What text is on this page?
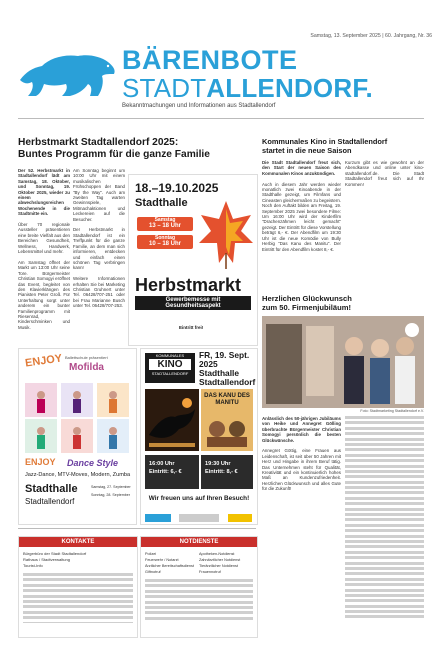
Samstag, 13. September 2025 | 60. Jahrgang, Nr. 36
BÄRENBOTE
STADTALLENDORF.
Bekanntmachungen und Informationen aus Stadtallendorf
Herbstmarkt Stadtallendorf 2025:
Buntes Programm für die ganze Familie
Der 52. Herbstmarkt in Stadtallendorf lädt am Samstag, 18. Oktober, und Sonntag, 19. Oktober 2025, wieder zu einem abwechslungsreichen Wochenende in die Stadtmitte ein.

Über 70 regionale Aussteller präsentieren eine breite Vielfalt aus den Bereichen Gesundheit, Wellness, Handwerk, Lebensmittel und mehr.

Am Samstag öffnet der Markt um 13:00 Uhr seine Tore. Bürgermeister Christian Somogyi eröffnet das Event, begleitet von den Klavierklängen des Pianisten Peter Groß. Für Unterhaltung sorgt unter anderem ein bunter Familienprogramm mit Riesenrad, Kinderschminken und Musik.
Am Sonntag beginnt um 10:00 Uhr mit einem musikalischen Frühschoppen der Band "By the Way". Auch am zweiten Tag warten Gewinnspiele, Mitmachaktionen und Leckereien auf die Besucher.

Der Herbstmarkt in Stadtallendorf ist ein Treffpunkt für die ganze Familie, an dem man sich informieren, entdecken und einfach einen schönen Tag verbringen kann!

Weitere Informationen erhalten Sie bei Marketing Christian Gruhnert unter Tel. 06428/707-251 oder bei Frau Marianne Busch unter Tel. 06428/707-253.
18.–19.10.2025
Stadthalle
Samstag
13 – 18 Uhr
Sonntag
10 – 18 Uhr
Herbstmarkt
Gewerbemesse mit
Gesundheitsaspekt
Eintritt frei!
Kommunales Kino in Stadtallendorf
startet in die neue Saison
Die Stadt Stadtallendorf freut sich, den Start der neuen Saison des Kommunalen Kinos anzukündigen.

Auch in diesem Jahr werden wieder monatlich zwei Kinoabende in der Stadthalle gezeigt, um Filmfans und Cineasten gleichermaßen zu begeistern. Noch den Auftakt bilden am Freitag, 19. September 2025 zwei besondere Filme: Um 16:00 Uhr wird der Kinderfilm "Drachenzähmen leicht gemacht" gezeigt. Der Eintritt für diese Vorstellung beträgt 6,- €. Der Abendfilm um 19:30 Uhr ist die neue Komödie von Bully Herbig "Das Kanu des Manitu". Der Eintritt für den Abendfilm kostet 8,- €.
Kurzum gibt es wie gewohnt an der Abendkasse und online unter kino-stadtallendorf.de. Die Stadt Stadtallendorf freut sich auf Ihr Kommen!
Herzlichen Glückwunsch
zum 50. Firmenjubiläum!
Foto: Stadtmarketing Stadtallendorf e.V.
Anlässlich des 50-jährigen Jubiläums von Heike und Annegret Gölling überbrachte Bürgermeister Christian Somogyi persönlich die besten Glückwünsche.

Annegret Göttig, eine Frauen aus Leidenschaft, ist seit über 50 Jahren mit Herz und Hingabe in ihrem Beruf tätig. Das Unternehmen steht für Qualität, Kreativität und ein kontinuierlich hohes Maß an Kundenzufriedenheit. Herzlichen Glückwunsch und alles Gute für die Zukunft!
ENJOY Ballettschule präsentiert
Mofilda
ENJOY Dance Style
Jazz-Dance, MTV-Moves, Modern, Zumba
Stadthalle
Stadtallendorf
Samstag, 27. September
Sonntag, 28. September
KOMMUNALES
KINO
STADTALLENDORF
FR, 19. Sept.
2025
Stadthalle
Stadtallendorf
DAS KANU DES MANITU
16:00 Uhr
Eintritt: 6,- €
19:30 Uhr
Eintritt: 8,- €
Wir freuen uns auf Ihren Besuch!

KONTAKTE
Bürgerbüro der Stadt Stadtallendorf
Rathaus / Stadtverwaltung
Tourist-Info
NOTDIENSTE
Polizei
Feuerwehr / Notarzt
Ärztlicher Bereitschaftsdienst
Giftnotruf
Apotheken-Notdienst
Zahnärztlicher Notdienst
Tierärztlicher Notdienst
Frauennotruf
